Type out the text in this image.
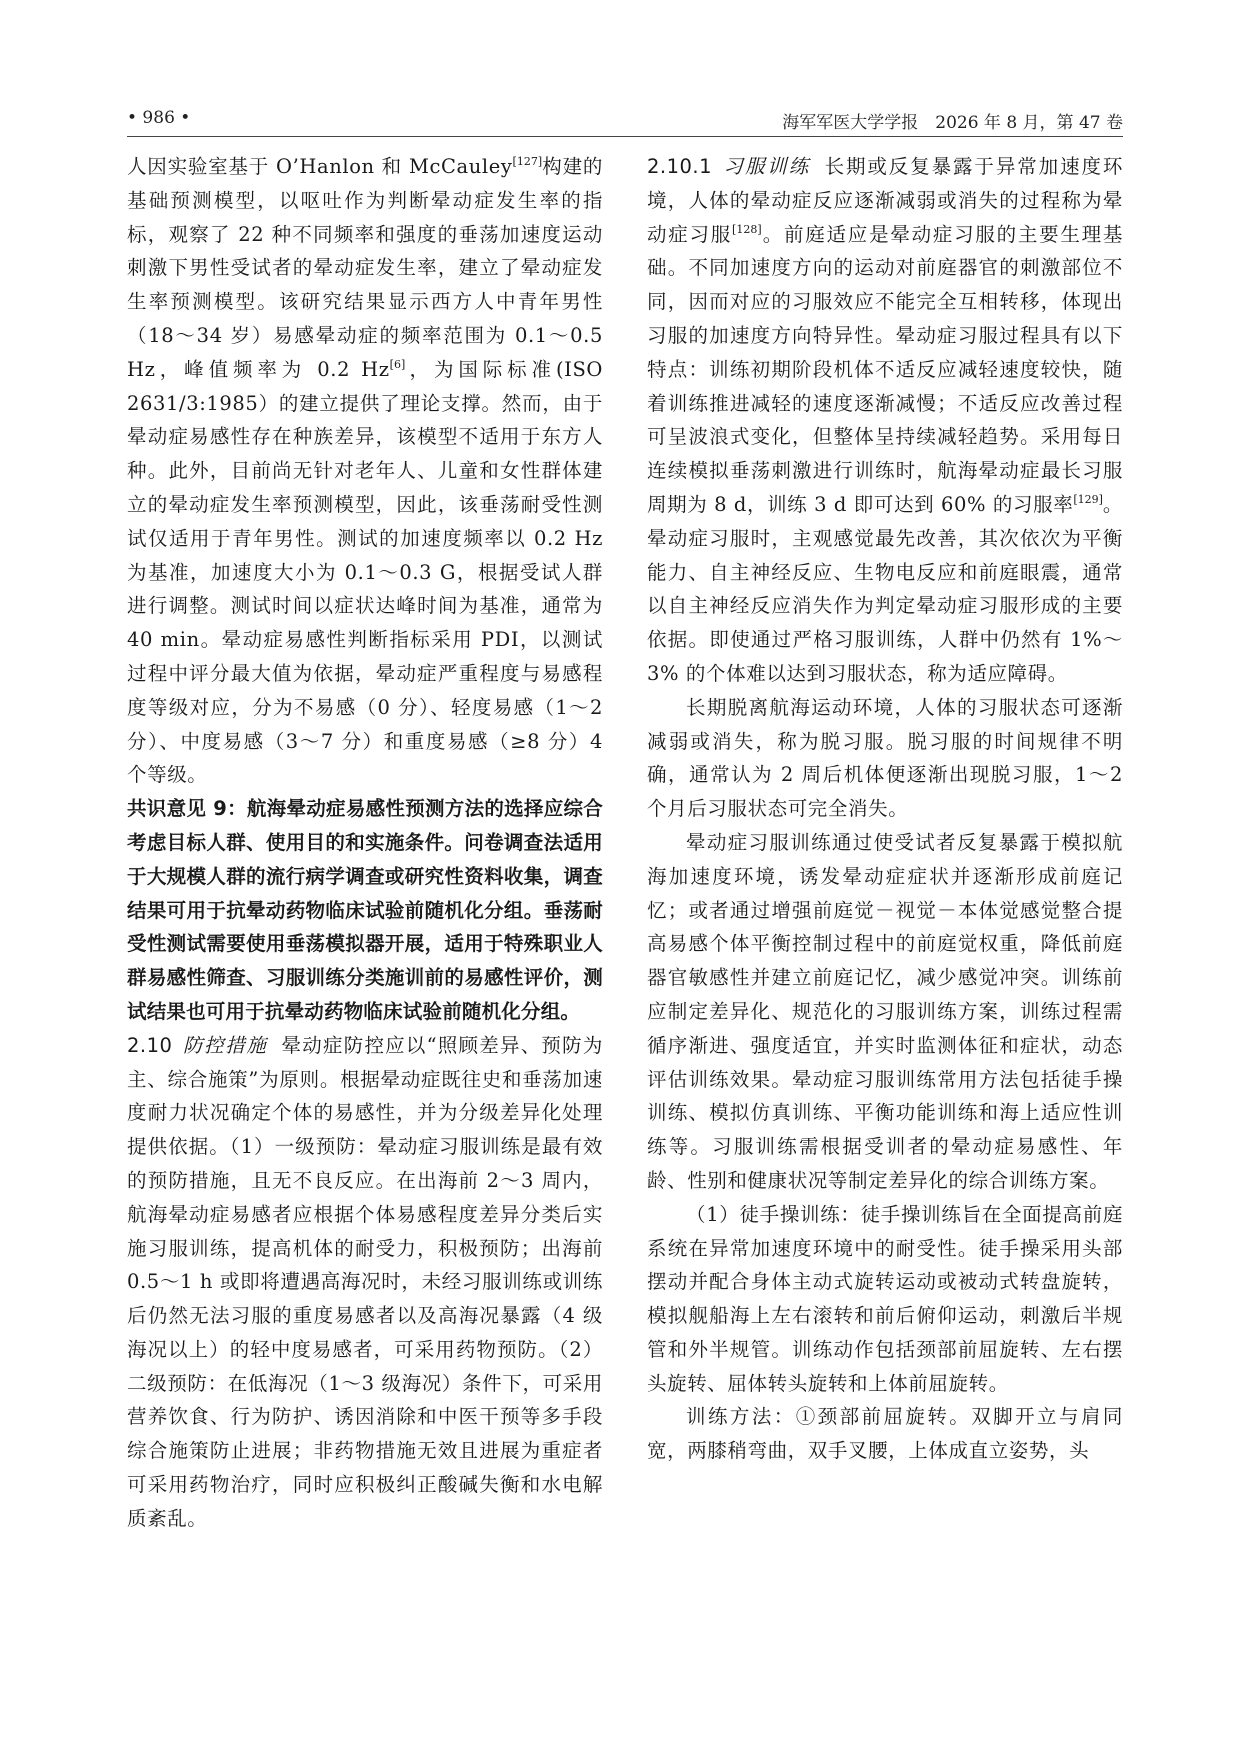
• 986 •	海军军医大学学报　2026 年 8 月，第 47 卷

人因实验室基于 O’Hanlon 和 McCauley[127]构建的基础预测模型，以呕吐作为判断晕动症发生率的指标，观察了 22 种不同频率和强度的垂荡加速度运动刺激下男性受试者的晕动症发生率，建立了晕动症发生率预测模型。该研究结果显示西方人中青年男性（18～34 岁）易感晕动症的频率范围为 0.1～0.5 Hz，峰值频率为 0.2 Hz[6]，为国际标准(ISO 2631/3:1985）的建立提供了理论支撑。然而，由于晕动症易感性存在种族差异，该模型不适用于东方人种。此外，目前尚无针对老年人、儿童和女性群体建立的晕动症发生率预测模型，因此，该垂荡耐受性测试仅适用于青年男性。测试的加速度频率以 0.2 Hz 为基准，加速度大小为 0.1～0.3 G，根据受试人群进行调整。测试时间以症状达峰时间为基准，通常为 40 min。晕动症易感性判断指标采用 PDI，以测试过程中评分最大值为依据，晕动症严重程度与易感程度等级对应，分为不易感（0 分）、轻度易感（1～2 分）、中度易感（3～7 分）和重度易感（≥8 分）4 个等级。

共识意见 9：航海晕动症易感性预测方法的选择应综合考虑目标人群、使用目的和实施条件。问卷调查法适用于大规模人群的流行病学调查或研究性资料收集，调查结果可用于抗晕动药物临床试验前随机化分组。垂荡耐受性测试需要使用垂荡模拟器开展，适用于特殊职业人群易感性筛查、习服训练分类施训前的易感性评价，测试结果也可用于抗晕动药物临床试验前随机化分组。

2.10 防控措施 晕动症防控应以“照顾差异、预防为主、综合施策”为原则。根据晕动症既往史和垂荡加速度耐力状况确定个体的易感性，并为分级差异化处理提供依据。（1）一级预防：晕动症习服训练是最有效的预防措施，且无不良反应。在出海前 2～3 周内，航海晕动症易感者应根据个体易感程度差异分类后实施习服训练，提高机体的耐受力，积极预防；出海前 0.5～1 h 或即将遭遇高海况时，未经习服训练或训练后仍然无法习服的重度易感者以及高海况暴露（4 级海况以上）的轻中度易感者，可采用药物预防。（2）二级预防：在低海况（1～3 级海况）条件下，可采用营养饮食、行为防护、诱因消除和中医干预等多手段综合施策防止进展；非药物措施无效且进展为重症者可采用药物治疗，同时应积极纠正酸碱失衡和水电解质紊乱。

2.10.1 习服训练 长期或反复暴露于异常加速度环境，人体的晕动症反应逐渐减弱或消失的过程称为晕动症习服[128]。前庭适应是晕动症习服的主要生理基础。不同加速度方向的运动对前庭器官的刺激部位不同，因而对应的习服效应不能完全互相转移，体现出习服的加速度方向特异性。晕动症习服过程具有以下特点：训练初期阶段机体不适反应减轻速度较快，随着训练推进减轻的速度逐渐减慢；不适反应改善过程可呈波浪式变化，但整体呈持续减轻趋势。采用每日连续模拟垂荡刺激进行训练时，航海晕动症最长习服周期为 8 d，训练 3 d 即可达到 60% 的习服率[129]。晕动症习服时，主观感觉最先改善，其次依次为平衡能力、自主神经反应、生物电反应和前庭眼震，通常以自主神经反应消失作为判定晕动症习服形成的主要依据。即使通过严格习服训练，人群中仍然有 1%～3% 的个体难以达到习服状态，称为适应障碍。

长期脱离航海运动环境，人体的习服状态可逐渐减弱或消失，称为脱习服。脱习服的时间规律不明确，通常认为 2 周后机体便逐渐出现脱习服，1～2 个月后习服状态可完全消失。

晕动症习服训练通过使受试者反复暴露于模拟航海加速度环境，诱发晕动症症状并逐渐形成前庭记忆；或者通过增强前庭觉－视觉－本体觉感觉整合提高易感个体平衡控制过程中的前庭觉权重，降低前庭器官敏感性并建立前庭记忆，减少感觉冲突。训练前应制定差异化、规范化的习服训练方案，训练过程需循序渐进、强度适宜，并实时监测体征和症状，动态评估训练效果。晕动症习服训练常用方法包括徒手操训练、模拟仿真训练、平衡功能训练和海上适应性训练等。习服训练需根据受训者的晕动症易感性、年龄、性别和健康状况等制定差异化的综合训练方案。

（1）徒手操训练：徒手操训练旨在全面提高前庭系统在异常加速度环境中的耐受性。徒手操采用头部摆动并配合身体主动式旋转运动或被动式转盘旋转，模拟舰船海上左右滚转和前后俯仰运动，刺激后半规管和外半规管。训练动作包括颈部前屈旋转、左右摆头旋转、屈体转头旋转和上体前屈旋转。

训练方法：①颈部前屈旋转。双脚开立与肩同宽，两膝稍弯曲，双手叉腰，上体成直立姿势，头
